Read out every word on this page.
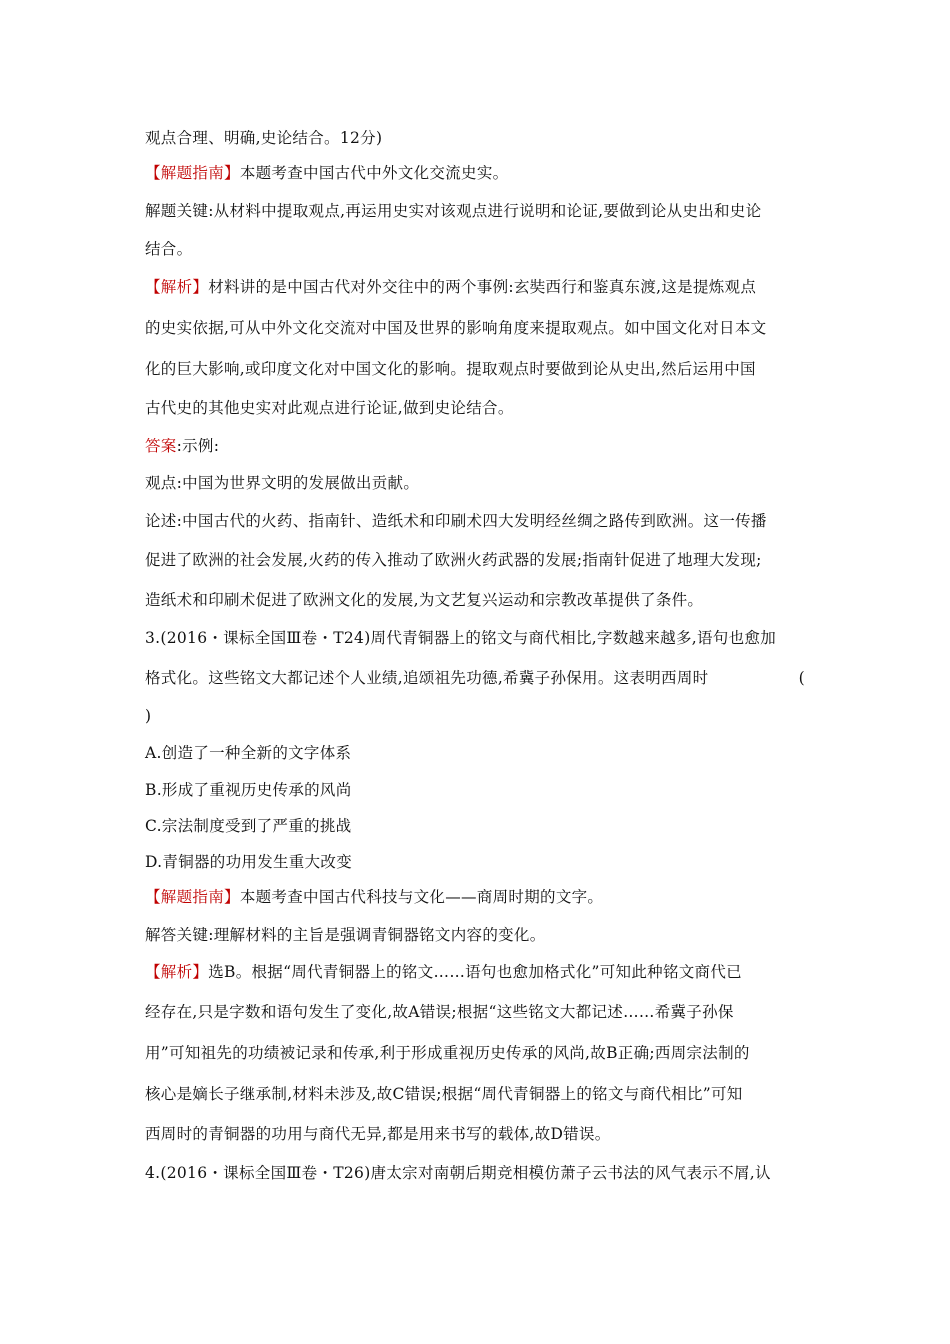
观点合理、明确,史论结合。12分)
【解题指南】本题考查中国古代中外文化交流史实。
解题关键:从材料中提取观点,再运用史实对该观点进行说明和论证,要做到论从史出和史论
结合。
【解析】材料讲的是中国古代对外交往中的两个事例:玄奘西行和鉴真东渡,这是提炼观点
的史实依据,可从中外文化交流对中国及世界的影响角度来提取观点。如中国文化对日本文
化的巨大影响,或印度文化对中国文化的影响。提取观点时要做到论从史出,然后运用中国
古代史的其他史实对此观点进行论证,做到史论结合。
答案:示例:
观点:中国为世界文明的发展做出贡献。
论述:中国古代的火药、指南针、造纸术和印刷术四大发明经丝绸之路传到欧洲。这一传播
促进了欧洲的社会发展,火药的传入推动了欧洲火药武器的发展;指南针促进了地理大发现;
造纸术和印刷术促进了欧洲文化的发展,为文艺复兴运动和宗教改革提供了条件。
3.(2016・课标全国Ⅲ卷・T24)周代青铜器上的铭文与商代相比,字数越来越多,语句也愈加
格式化。这些铭文大都记述个人业绩,追颂祖先功德,希冀子孙保用。这表明西周时	(
)
A.创造了一种全新的文字体系
B.形成了重视历史传承的风尚
C.宗法制度受到了严重的挑战
D.青铜器的功用发生重大改变
【解题指南】本题考查中国古代科技与文化——商周时期的文字。
解答关键:理解材料的主旨是强调青铜器铭文内容的变化。
【解析】选B。根据“周代青铜器上的铭文……语句也愈加格式化”可知此种铭文商代已
经存在,只是字数和语句发生了变化,故A错误;根据“这些铭文大都记述……希冀子孙保
用”可知祖先的功绩被记录和传承,利于形成重视历史传承的风尚,故B正确;西周宗法制的
核心是嫡长子继承制,材料未涉及,故C错误;根据“周代青铜器上的铭文与商代相比”可知
西周时的青铜器的功用与商代无异,都是用来书写的载体,故D错误。
4.(2016・课标全国Ⅲ卷・T26)唐太宗对南朝后期竞相模仿萧子云书法的风气表示不屑,认
